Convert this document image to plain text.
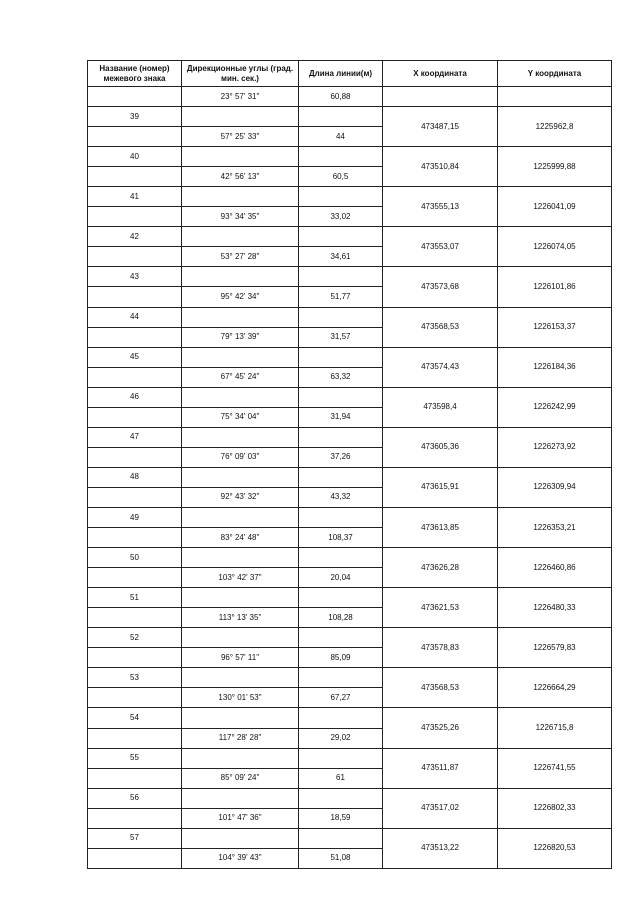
Название (номер) межевого знака	Дирекционные углы (град. мин. сек.)	Длина линии(м)	X координата	Y координата
	23° 57' 31"	60,88		
39			473487,15	1225962,8
	57° 25' 33"	44		
40			473510,84	1225999,88
	42° 56' 13"	60,5		
41			473555,13	1226041,09
	93° 34' 35"	33,02		
42			473553,07	1226074,05
	53° 27' 28"	34,61		
43			473573,68	1226101,86
	95° 42' 34"	51,77		
44			473568,53	1226153,37
	79° 13' 39"	31,57		
45			473574,43	1226184,36
	67° 45' 24"	63,32		
46			473598,4	1226242,99
	75° 34' 04"	31,94		
47			473605,36	1226273,92
	76° 09' 03"	37,26		
48			473615,91	1226309,94
	92° 43' 32"	43,32		
49			473613,85	1226353,21
	83° 24' 48"	108,37		
50			473626,28	1226460,86
	103° 42' 37"	20,04		
51			473621,53	1226480,33
	113° 13' 35"	108,28		
52			473578,83	1226579,83
	96° 57' 11"	85,09		
53			473568,53	1226664,29
	130° 01' 53"	67,27		
54			473525,26	1226715,8
	117° 28' 28"	29,02		
55			473511,87	1226741,55
	85° 09' 24"	61		
56			473517,02	1226802,33
	101° 47' 36"	18,59		
57			473513,22	1226820,53
	104° 39' 43"	51,08		
